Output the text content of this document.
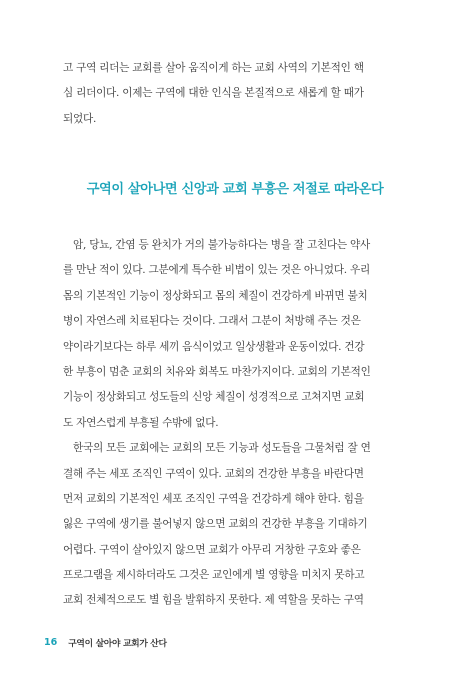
고 구역 리더는 교회를 살아 움직이게 하는 교회 사역의 기본적인 핵
심 리더이다. 이제는 구역에 대한 인식을 본질적으로 새롭게 할 때가
되었다.
구역이 살아나면 신앙과 교회 부흥은 저절로 따라온다
암, 당뇨, 간염 등 완치가 거의 불가능하다는 병을 잘 고친다는 약사
를 만난 적이 있다. 그분에게 특수한 비법이 있는 것은 아니었다. 우리
몸의 기본적인 기능이 정상화되고 몸의 체질이 건강하게 바뀌면 불치
병이 자연스레 치료된다는 것이다. 그래서 그분이 처방해 주는 것은
약이라기보다는 하루 세끼 음식이었고 일상생활과 운동이었다. 건강
한 부흥이 멈춘 교회의 치유와 회복도 마찬가지이다. 교회의 기본적인
기능이 정상화되고 성도들의 신앙 체질이 성경적으로 고쳐지면 교회
도 자연스럽게 부흥될 수밖에 없다.
한국의 모든 교회에는 교회의 모든 기능과 성도들을 그물처럼 잘 연
결해 주는 세포 조직인 구역이 있다. 교회의 건강한 부흥을 바란다면
먼저 교회의 기본적인 세포 조직인 구역을 건강하게 해야 한다. 힘을
잃은 구역에 생기를 불어넣지 않으면 교회의 건강한 부흥을 기대하기
어렵다. 구역이 살아있지 않으면 교회가 아무리 거창한 구호와 좋은
프로그램을 제시하더라도 그것은 교인에게 별 영향을 미치지 못하고
교회 전체적으로도 별 힘을 발휘하지 못한다. 제 역할을 못하는 구역
16 구역이 살아야 교회가 산다
